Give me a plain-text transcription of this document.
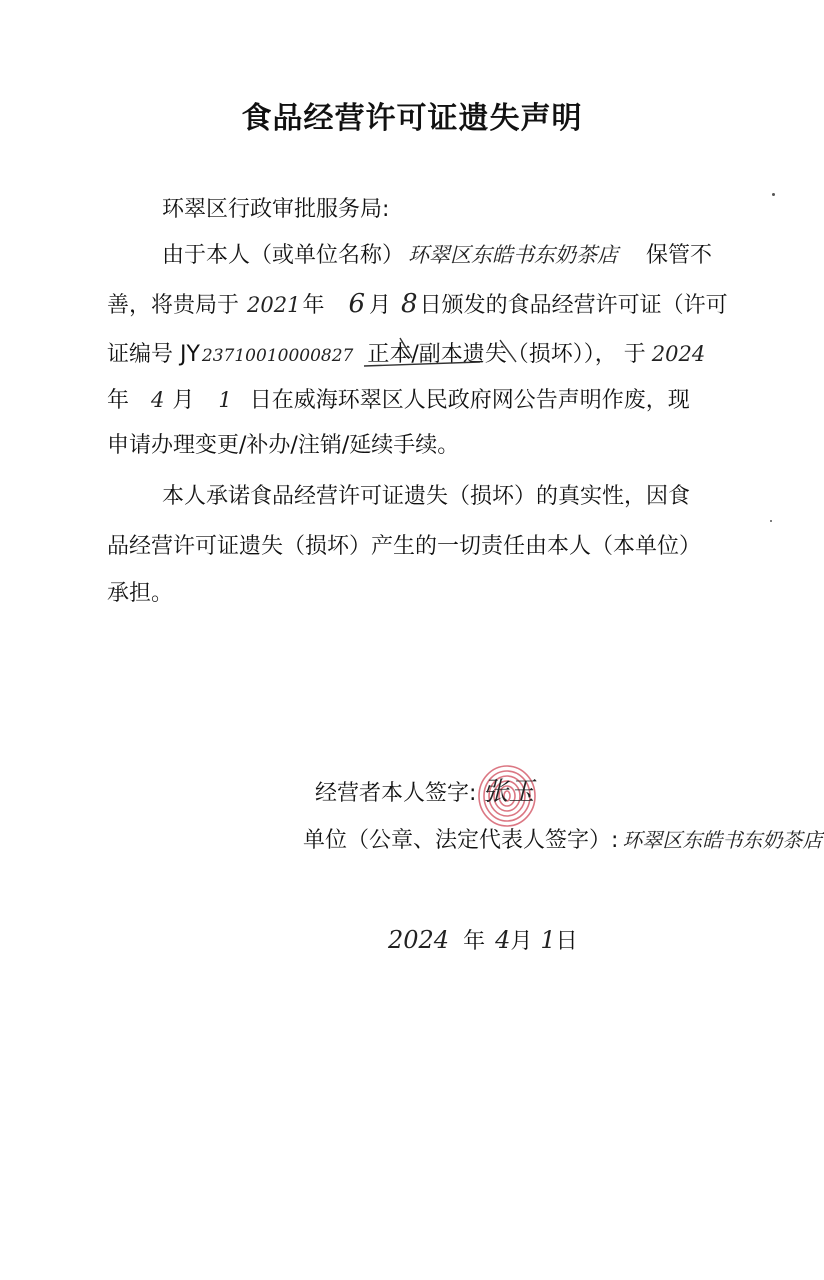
食品经营许可证遗失声明
环翠区行政审批服务局:
由于本人（或单位名称） 环翠区东皓书东奶茶店 保管不
善，将贵局于 2021年 6 月 8日颁发的食品经营许可证（许可
证编号 JY 23710010000827 正本/副本遗失（损坏））， 于 2024
年 4 月 1 日在威海环翠区人民政府网公告声明作废，现
申请办理变更/补办/注销/延续手续。
本人承诺食品经营许可证遗失（损坏）的真实性，因食
品经营许可证遗失（损坏）产生的一切责任由本人（本单位）
承担。
经营者本人签字: 张玉
单位（公章、法定代表人签字）: 环翠区东皓书东奶茶店
2024 年 4月 1日
